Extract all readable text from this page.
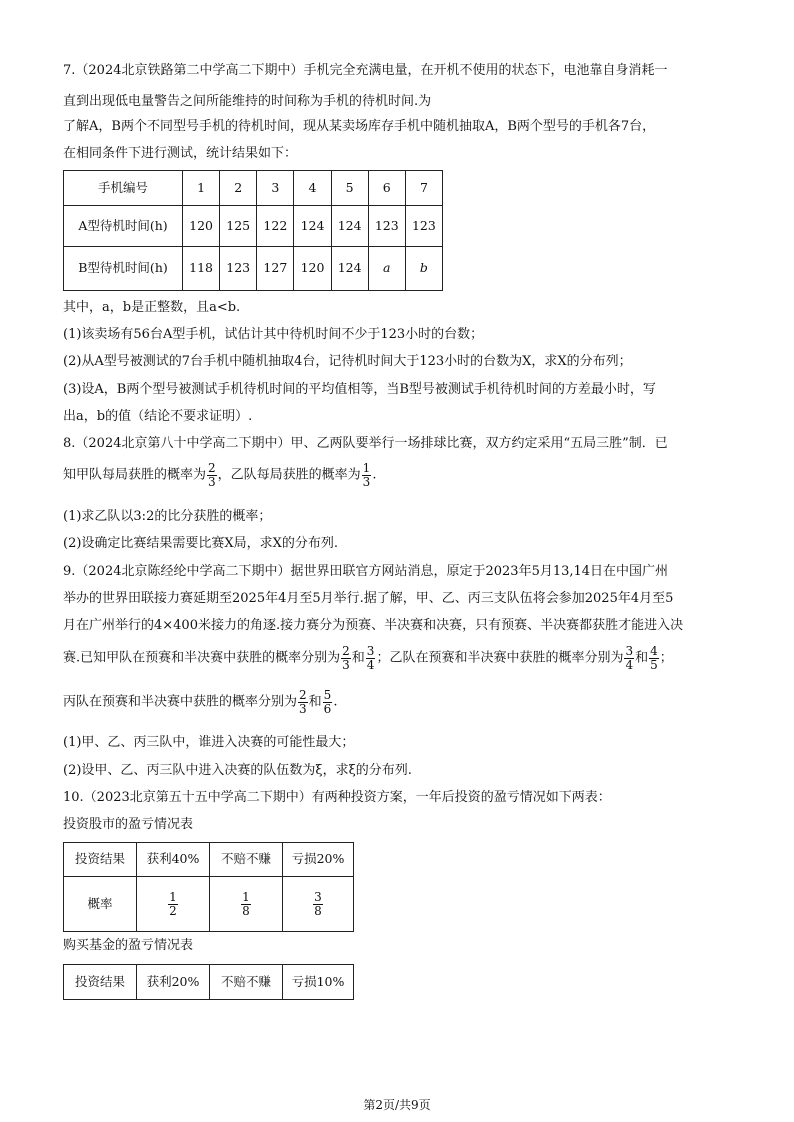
7.（2024北京铁路第二中学高二下期中）手机完全充满电量，在开机不使用的状态下，电池靠自身消耗一
直到出现低电量警告之间所能维持的时间称为手机的待机时间.为
了解A，B两个不同型号手机的待机时间，现从某卖场库存手机中随机抽取A，B两个型号的手机各7台，
在相同条件下进行测试，统计结果如下：
手机编号	1	2	3	4	5	6	7
A型待机时间(h)	120	125	122	124	124	123	123
B型待机时间(h)	118	123	127	120	124	a	b
其中，a，b是正整数，且a<b.
(1)该卖场有56台A型手机，试估计其中待机时间不少于123小时的台数；
(2)从A型号被测试的7台手机中随机抽取4台，记待机时间大于123小时的台数为X，求X的分布列；
(3)设A，B两个型号被测试手机待机时间的平均值相等，当B型号被测试手机待机时间的方差最小时，写
出a，b的值（结论不要求证明）.
8.（2024北京第八十中学高二下期中）甲、乙两队要举行一场排球比赛，双方约定采用“五局三胜”制．已
知甲队每局获胜的概率为 $\frac{2}{3}$ ，乙队每局获胜的概率为 $\frac{1}{3}$ .
(1)求乙队以3:2的比分获胜的概率；
(2)设确定比赛结果需要比赛X局，求X的分布列.
9.（2024北京陈经纶中学高二下期中）据世界田联官方网站消息，原定于2023年5月13,14日在中国广州
举办的世界田联接力赛延期至2025年4月至5月举行.据了解，甲、乙、丙三支队伍将会参加2025年4月至5
月在广州举行的4×400米接力的角逐.接力赛分为预赛、半决赛和决赛，只有预赛、半决赛都获胜才能进入决
赛.已知甲队在预赛和半决赛中获胜的概率分别为 $\frac{2}{3}$ 和 $\frac{3}{4}$ ；乙队在预赛和半决赛中获胜的概率分别为 $\frac{3}{4}$ 和 $\frac{4}{5}$ ；
丙队在预赛和半决赛中获胜的概率分别为 $\frac{2}{3}$ 和 $\frac{5}{6}$ .
(1)甲、乙、丙三队中，谁进入决赛的可能性最大；
(2)设甲、乙、丙三队中进入决赛的队伍数为ξ，求ξ的分布列.
10.（2023北京第五十五中学高二下期中）有两种投资方案，一年后投资的盈亏情况如下两表：
投资股市的盈亏情况表
投资结果	获利40%	不赔不赚	亏损20%
概率	$\frac{1}{2}$	$\frac{1}{8}$	$\frac{3}{8}$
购买基金的盈亏情况表
投资结果	获利20%	不赔不赚	亏损10%
第2页/共9页
